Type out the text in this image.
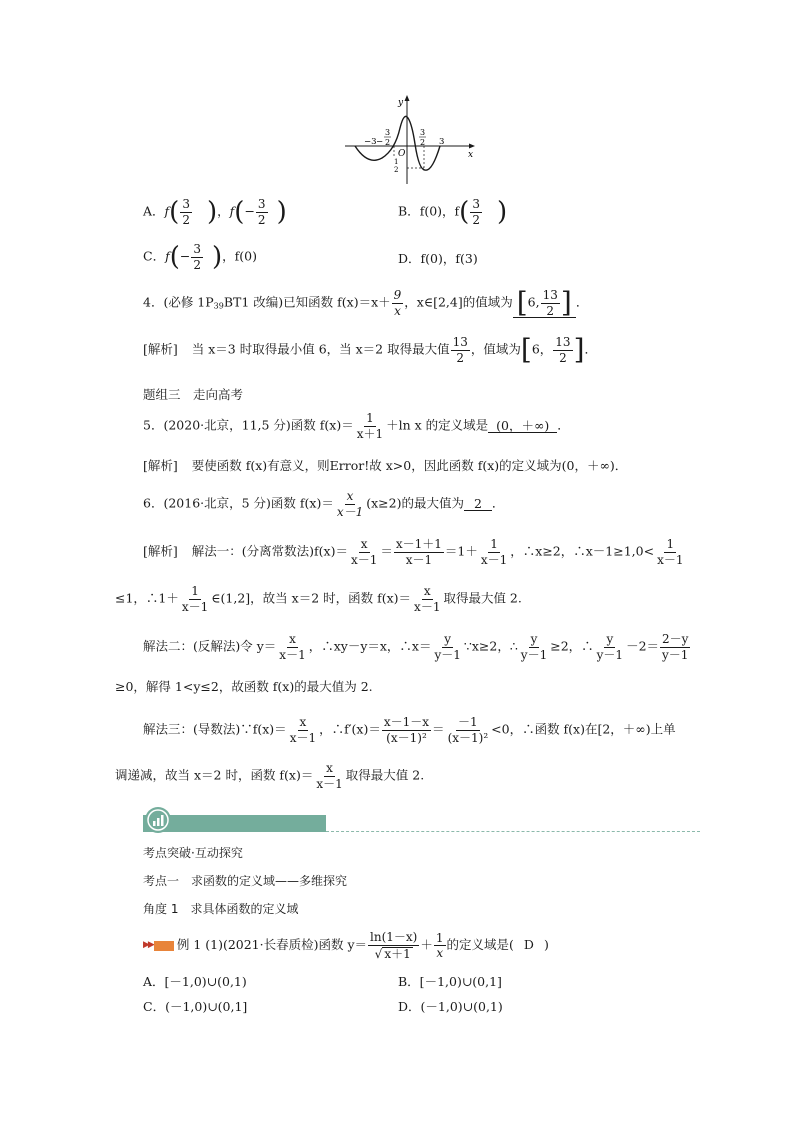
y
x
O
−3 −
3
2
3
2 3
1
2
A．$f( \frac{3}{2}$ )，$f(- \frac{3}{2}$ )	B．f(0)，$f( \frac{3}{2}$ )
C．$f(- \frac{3}{2}$ )，f(0)	D．f(0)，f(3)
4．(必修 $1P_{39}BT1$ 改编)已知函数 $f(x)=x+ \frac{9}{x}$ ，x∈[2,4]的值域为 [6, $\frac{13}{2}$ ] ．
[解析] 当 x＝3 时取得最小值 6，当 x＝2 取得最大值 $\frac{13}{2}$ ，值域为[6， $\frac{13}{2}$ ]．
题组三　走向高考
5．(2020·北京，11,5 分)函数 $f(x)= \frac{1}{x+1} +\ln$ x 的定义域是 (0，＋∞) ．
[解析] 要使函数 f(x)有意义，则Error!故 x>0，因此函数 f(x)的定义域为(0，＋∞)．
6．(2016·北京，5 分)函数 $f(x)= \frac{x}{x-1} (x\ge 2)$的最大值为 2 ．
[解析] 解法一：(分离常数法)$f(x)= \frac{x}{x-1} = \frac{x-1+1}{x-1} =1+ \frac{1}{x-1}$ ，∴x≥2，∴x－1≥1,0< $\frac{1}{x-1}$
≤1，∴1＋ $\frac{1}{x-1}$ ∈(1,2]，故当 x＝2 时，函数 $f(x)= \frac{x}{x-1}$ 取得最大值 2.
解法二：(反解法)令 $y= \frac{x}{x-1}$ ，∴xy－y＝x，∴x＝ $\frac{y}{y-1}$ ∵x≥2，∴ $\frac{y}{y-1} \ge 2$，∴ $\frac{y}{y-1} -2= \frac{2-y}{y-1}$
≥0，解得 1<y≤2，故函数 f(x)的最大值为 2.
解法三：(导数法)∵f(x)＝ $\frac{x}{x-1}$ ，∴f′(x)＝ $\frac{x-1-x}{\text{(x－1)²}} = \frac{-1}{\text{(x－1)²}} <0$，∴函数 f(x)在[2，＋∞)上单
调递减，故当 x＝2 时，函数 $f(x)= \frac{x}{x-1}$ 取得最大值 2.
考点突破·互动探究
考点一　求函数的定义域——多维探究
角度 1　求具体函数的定义域
▶▶ 例 1 (1)(2021·长春质检)函数 $y= \frac{\ln(1-x)}{√ x+1} + \frac{1}{x}$ 的定义域是( D )
A．[－1,0)∪(0,1)	B．[－1,0)∪(0,1]
C．(－1,0)∪(0,1]	D．(－1,0)∪(0,1)
